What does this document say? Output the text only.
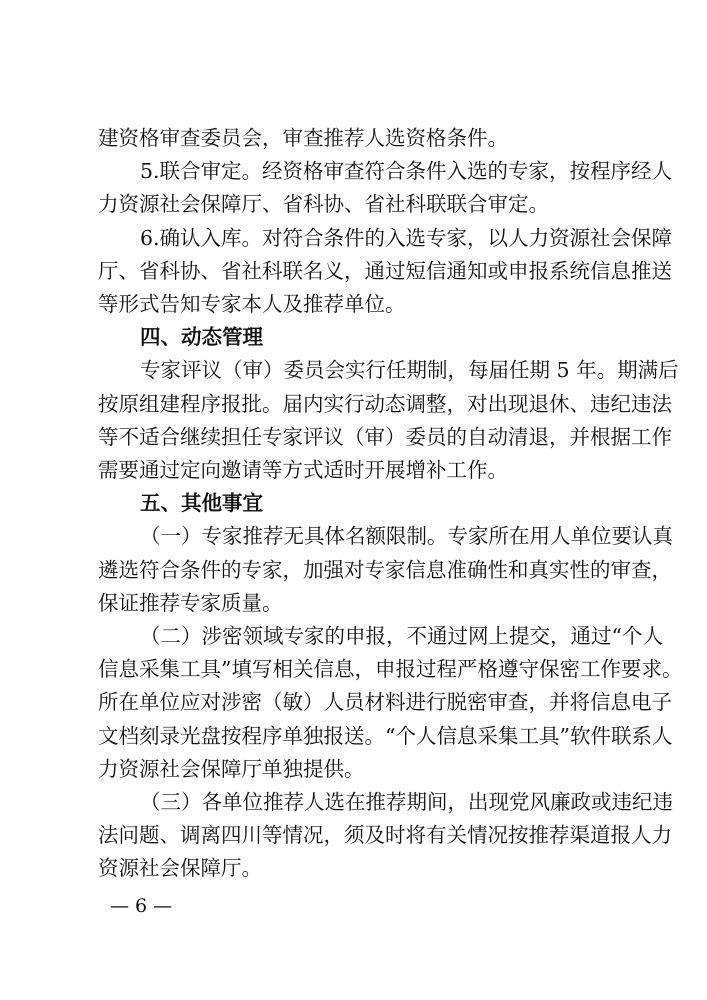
建资格审查委员会，审查推荐人选资格条件。
5.联合审定。经资格审查符合条件入选的专家，按程序经人
力资源社会保障厅、省科协、省社科联联合审定。
6.确认入库。对符合条件的入选专家，以人力资源社会保障
厅、省科协、省社科联名义，通过短信通知或申报系统信息推送
等形式告知专家本人及推荐单位。
四、动态管理
专家评议（审）委员会实行任期制，每届任期 5 年。期满后
按原组建程序报批。届内实行动态调整，对出现退休、违纪违法
等不适合继续担任专家评议（审）委员的自动清退，并根据工作
需要通过定向邀请等方式适时开展增补工作。
五、其他事宜
（一）专家推荐无具体名额限制。专家所在用人单位要认真
遴选符合条件的专家，加强对专家信息准确性和真实性的审查，
保证推荐专家质量。
（二）涉密领域专家的申报，不通过网上提交，通过“个人
信息采集工具”填写相关信息，申报过程严格遵守保密工作要求。
所在单位应对涉密（敏）人员材料进行脱密审查，并将信息电子
文档刻录光盘按程序单独报送。“个人信息采集工具”软件联系人
力资源社会保障厅单独提供。
（三）各单位推荐人选在推荐期间，出现党风廉政或违纪违
法问题、调离四川等情况，须及时将有关情况按推荐渠道报人力
资源社会保障厅。
— 6 —
